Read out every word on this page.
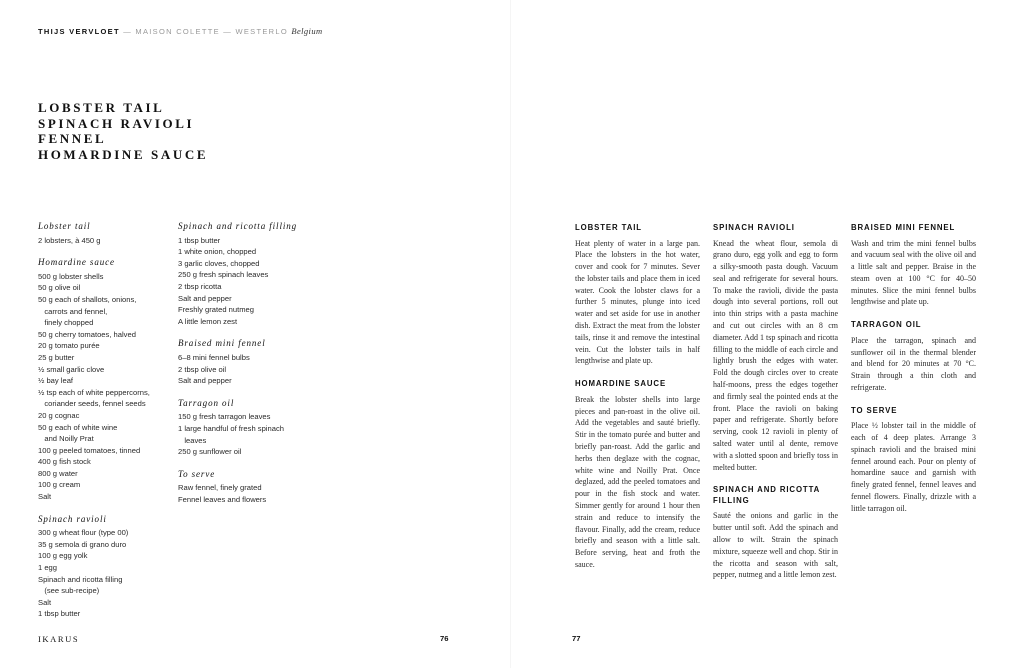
THIJS VERVLOET — MAISON COLETTE — WESTERLO Belgium
LOBSTER TAIL
SPINACH RAVIOLI
FENNEL
HOMARDINE SAUCE
Lobster tail
2 lobsters, à 450 g
Homardine sauce
500 g lobster shells
50 g olive oil
50 g each of shallots, onions,
carrots and fennel,
finely chopped
50 g cherry tomatoes, halved
20 g tomato purée
25 g butter
½ small garlic clove
½ bay leaf
½ tsp each of white peppercorns,
coriander seeds, fennel seeds
20 g cognac
50 g each of white wine
and Noilly Prat
100 g peeled tomatoes, tinned
400 g fish stock
800 g water
100 g cream
Salt
Spinach ravioli
300 g wheat flour (type 00)
35 g semola di grano duro
100 g egg yolk
1 egg
Spinach and ricotta filling
(see sub-recipe)
Salt
1 tbsp butter
Spinach and ricotta filling
1 tbsp butter
1 white onion, chopped
3 garlic cloves, chopped
250 g fresh spinach leaves
2 tbsp ricotta
Salt and pepper
Freshly grated nutmeg
A little lemon zest
Braised mini fennel
6–8 mini fennel bulbs
2 tbsp olive oil
Salt and pepper
Tarragon oil
150 g fresh tarragon leaves
1 large handful of fresh spinach
leaves
250 g sunflower oil
To serve
Raw fennel, finely grated
Fennel leaves and flowers
LOBSTER TAIL
Heat plenty of water in a large pan. Place the lobsters in the hot water, cover and cook for 7 minutes. Sever the lobster tails and place them in iced water. Cook the lobster claws for a further 5 minutes, plunge into iced water and set aside for use in another dish. Extract the meat from the lobster tails, rinse it and remove the intestinal vein. Cut the lobster tails in half lengthwise and plate up.
HOMARDINE SAUCE
Break the lobster shells into large pieces and pan-roast in the olive oil. Add the vegetables and sauté briefly. Stir in the tomato purée and butter and briefly pan-roast. Add the garlic and herbs then deglaze with the cognac, white wine and Noilly Prat. Once deglazed, add the peeled tomatoes and pour in the fish stock and water. Simmer gently for around 1 hour then strain and reduce to intensify the flavour. Finally, add the cream, reduce briefly and season with a little salt. Before serving, heat and froth the sauce.
SPINACH RAVIOLI
Knead the wheat flour, semola di grano duro, egg yolk and egg to form a silky-smooth pasta dough. Vacuum seal and refrigerate for several hours. To make the ravioli, divide the pasta dough into several portions, roll out into thin strips with a pasta machine and cut out circles with an 8 cm diameter. Add 1 tsp spinach and ricotta filling to the middle of each circle and lightly brush the edges with water. Fold the dough circles over to create half-moons, press the edges together and firmly seal the pointed ends at the front. Place the ravioli on baking paper and refrigerate. Shortly before serving, cook 12 ravioli in plenty of salted water until al dente, remove with a slotted spoon and briefly toss in melted butter.
SPINACH AND RICOTTA FILLING
Sauté the onions and garlic in the butter until soft. Add the spinach and allow to wilt. Strain the spinach mixture, squeeze well and chop. Stir in the ricotta and season with salt, pepper, nutmeg and a little lemon zest.
BRAISED MINI FENNEL
Wash and trim the mini fennel bulbs and vacuum seal with the olive oil and a little salt and pepper. Braise in the steam oven at 100 °C for 40–50 minutes. Slice the mini fennel bulbs lengthwise and plate up.
TARRAGON OIL
Place the tarragon, spinach and sunflower oil in the thermal blender and blend for 20 minutes at 70 °C. Strain through a thin cloth and refrigerate.
TO SERVE
Place ½ lobster tail in the middle of each of 4 deep plates. Arrange 3 spinach ravioli and the braised mini fennel around each. Pour on plenty of homardine sauce and garnish with finely grated fennel, fennel leaves and fennel flowers. Finally, drizzle with a little tarragon oil.
IKARUS	76	77
